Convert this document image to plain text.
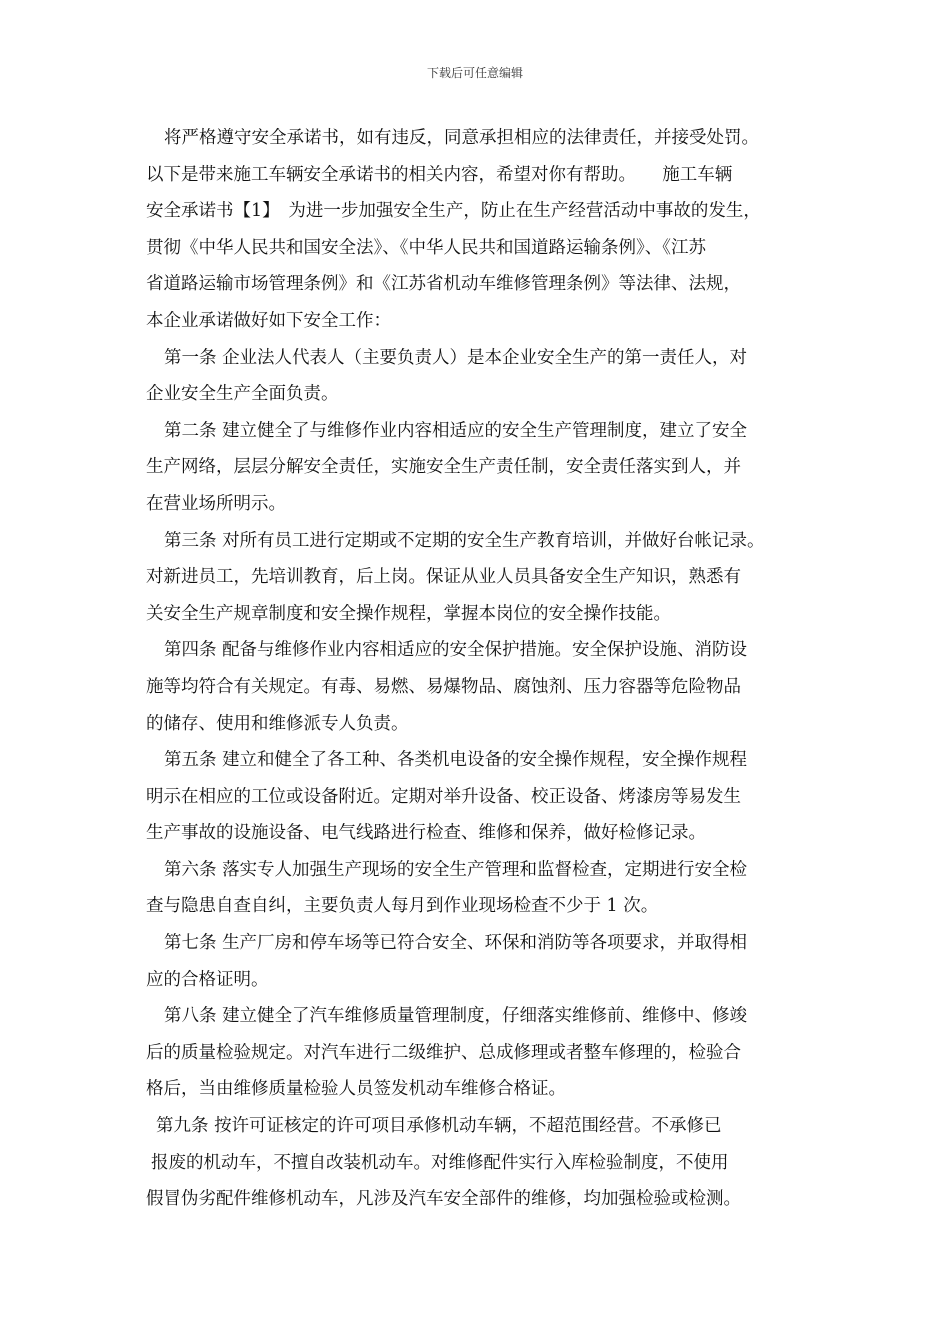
下载后可任意编辑
将严格遵守安全承诺书，如有违反，同意承担相应的法律责任，并接受处罚。
以下是带来施工车辆安全承诺书的相关内容，希望对你有帮助。　　施工车辆
安全承诺书【1】　为进一步加强安全生产，防止在生产经营活动中事故的发生，
贯彻《中华人民共和国安全法》、《中华人民共和国道路运输条例》、《江苏
省道路运输市场管理条例》和《江苏省机动车维修管理条例》等法律、法规，
本企业承诺做好如下安全工作：
第一条 企业法人代表人（主要负责人）是本企业安全生产的第一责任人，对
企业安全生产全面负责。
第二条 建立健全了与维修作业内容相适应的安全生产管理制度，建立了安全
生产网络，层层分解安全责任，实施安全生产责任制，安全责任落实到人，并
在营业场所明示。
第三条 对所有员工进行定期或不定期的安全生产教育培训，并做好台帐记录。
对新进员工，先培训教育，后上岗。保证从业人员具备安全生产知识，熟悉有
关安全生产规章制度和安全操作规程，掌握本岗位的安全操作技能。
第四条 配备与维修作业内容相适应的安全保护措施。安全保护设施、消防设
施等均符合有关规定。有毒、易燃、易爆物品、腐蚀剂、压力容器等危险物品
的储存、使用和维修派专人负责。
第五条 建立和健全了各工种、各类机电设备的安全操作规程，安全操作规程
明示在相应的工位或设备附近。定期对举升设备、校正设备、烤漆房等易发生
生产事故的设施设备、电气线路进行检查、维修和保养，做好检修记录。
第六条 落实专人加强生产现场的安全生产管理和监督检查，定期进行安全检
查与隐患自查自纠，主要负责人每月到作业现场检查不少于 1 次。
第七条 生产厂房和停车场等已符合安全、环保和消防等各项要求，并取得相
应的合格证明。
第八条 建立健全了汽车维修质量管理制度，仔细落实维修前、维修中、修竣
后的质量检验规定。对汽车进行二级维护、总成修理或者整车修理的，检验合
格后，当由维修质量检验人员签发机动车维修合格证。
第九条 按许可证核定的许可项目承修机动车辆，不超范围经营。不承修已
报废的机动车，不擅自改装机动车。对维修配件实行入库检验制度，不使用
假冒伪劣配件维修机动车，凡涉及汽车安全部件的维修，均加强检验或检测。
